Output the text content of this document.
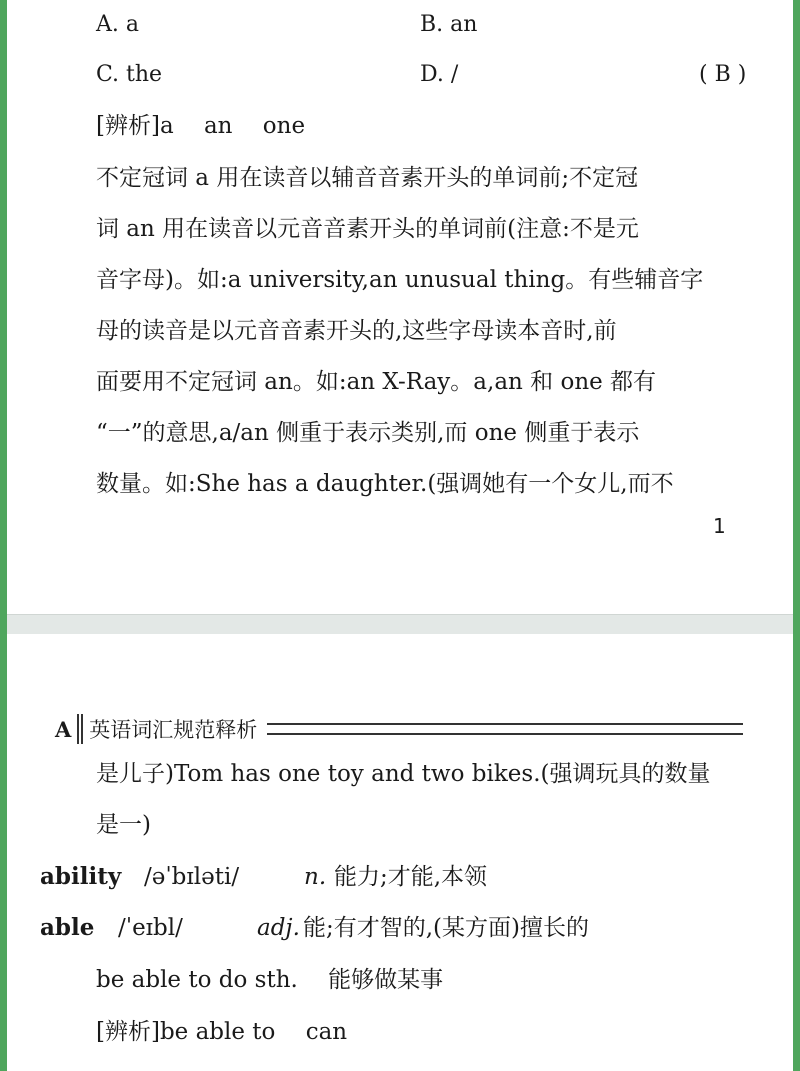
A. a	B. an
C. the	D. /	( B )
[辨析]a　 an 　one
不定冠词 a 用在读音以辅音音素开头的单词前;不定冠
词 an 用在读音以元音音素开头的单词前(注意:不是元
音字母)。如:a university,an unusual thing。有些辅音字
母的读音是以元音音素开头的,这些字母读本音时,前
面要用不定冠词 an。如:an X-Ray。a,an 和 one 都有
“一”的意思,a/an 侧重于表示类别,而 one 侧重于表示
数量。如:She has a daughter.(强调她有一个女儿,而不
1
A 英语词汇规范释析
是儿子)Tom has one toy and two bikes.(强调玩具的数量
是一)
ability /əˈbɪləti/	n. 能力;才能,本领
able /ˈeɪbl/	adj. 能;有才智的,(某方面)擅长的
be able to do sth.　 能够做某事
[辨析]be able to　 can
